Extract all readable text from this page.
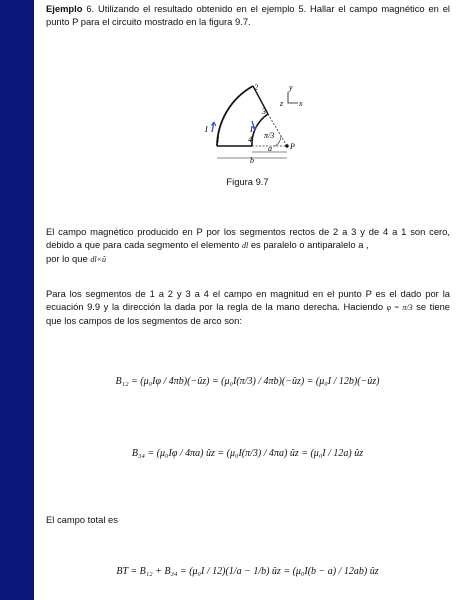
Ejemplo 6. Utilizando el resultado obtenido en el ejemplo 5. Hallar el campo magnético en el punto P para el circuito mostrado en la figura 9.7.
1
2
3
4 π/3
P
a
b
I	I
y
x
z
Figura 9.7
El campo magnético producido en P por los segmentos rectos de 2 a 3 y de 4 a 1 son cero, debido a que para cada segmento el elemento dl es paralelo o antiparalelo a ,
por lo que dl×û
Para los segmentos de 1 a 2 y 3 a 4 el campo en magnitud en el punto P es el dado por la ecuación 9.9 y la dirección la dada por la regla de la mano derecha. Haciendo φ = π/3 se tiene que los campos de los segmentos de arco son:
B₁₂ = (μ₀Iφ / 4πb)(−ûz) = (μ₀I(π/3) / 4πb)(−ûz) = (μ₀I / 12b)(−ûz)
B₃₄ = (μ₀Iφ / 4πa) ûz = (μ₀I(π/3) / 4πa) ûz = (μ₀I / 12a) ûz
El campo total es
BT = B₁₂ + B₃₄ = (μ₀I / 12)(1/a − 1/b) ûz = (μ₀I(b − a) / 12ab) ûz
